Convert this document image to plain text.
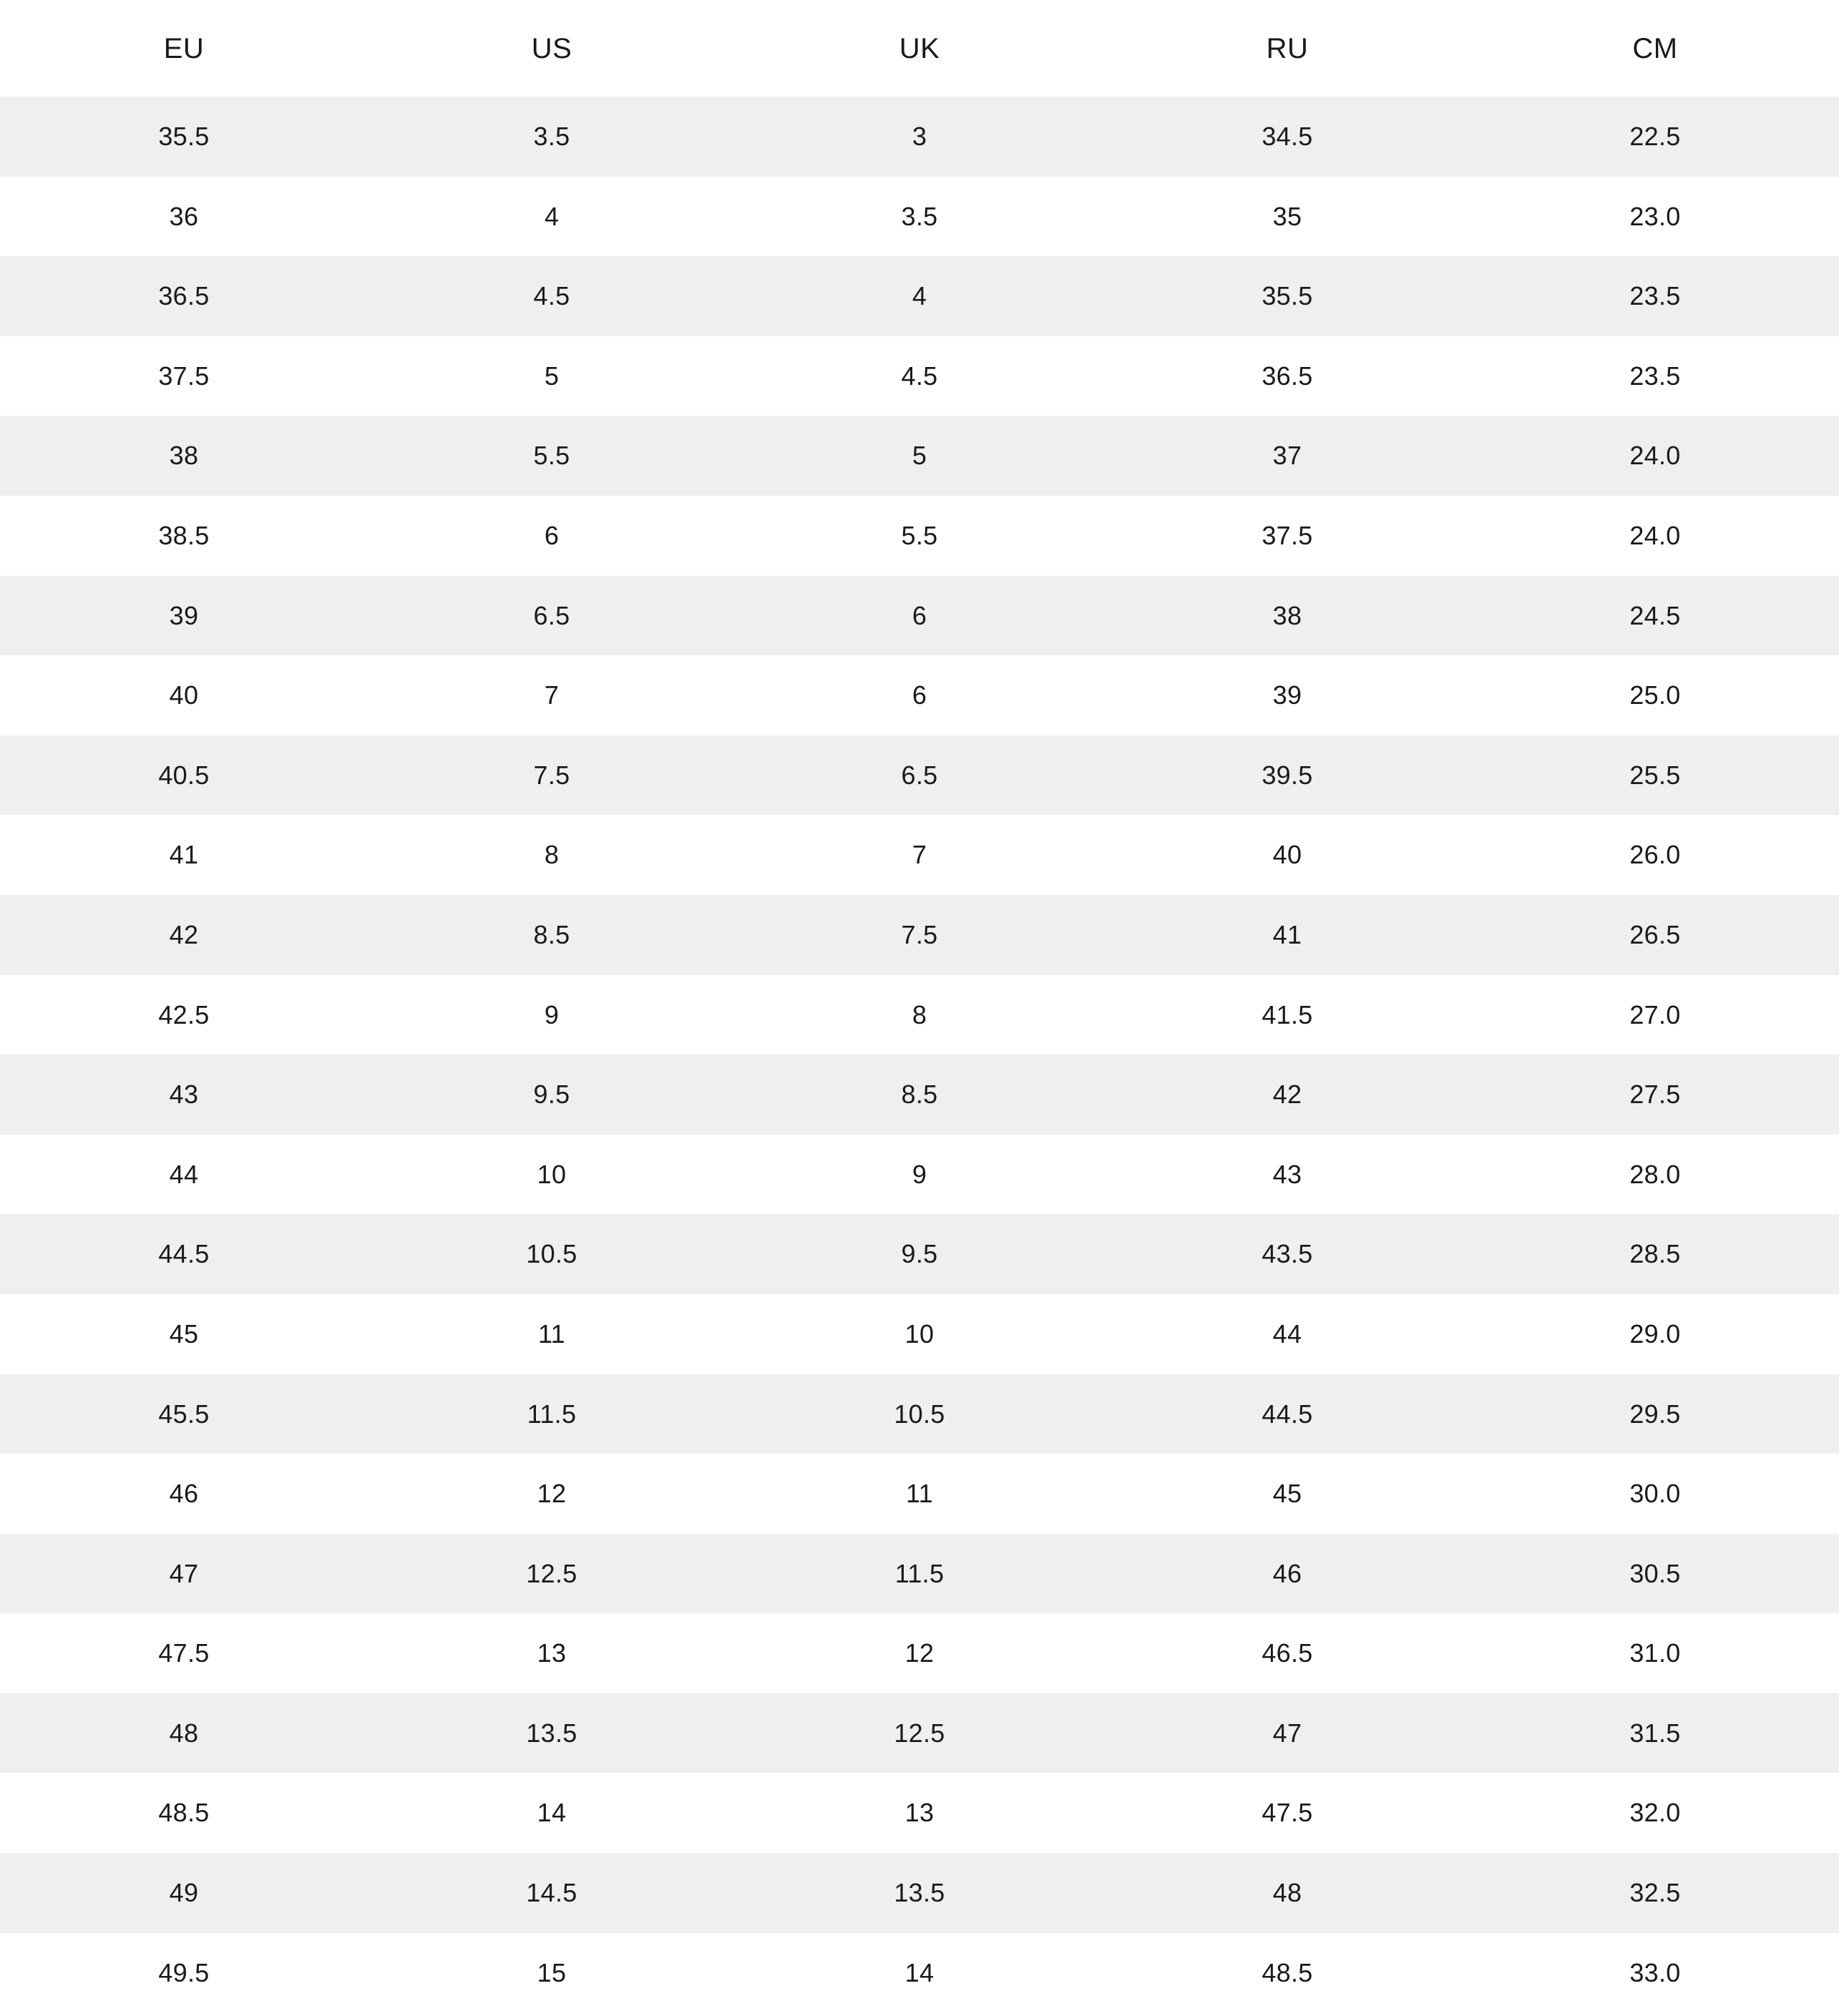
EU	US	UK	RU	CM
35.5	3.5	3	34.5	22.5
36	4	3.5	35	23.0
36.5	4.5	4	35.5	23.5
37.5	5	4.5	36.5	23.5
38	5.5	5	37	24.0
38.5	6	5.5	37.5	24.0
39	6.5	6	38	24.5
40	7	6	39	25.0
40.5	7.5	6.5	39.5	25.5
41	8	7	40	26.0
42	8.5	7.5	41	26.5
42.5	9	8	41.5	27.0
43	9.5	8.5	42	27.5
44	10	9	43	28.0
44.5	10.5	9.5	43.5	28.5
45	11	10	44	29.0
45.5	11.5	10.5	44.5	29.5
46	12	11	45	30.0
47	12.5	11.5	46	30.5
47.5	13	12	46.5	31.0
48	13.5	12.5	47	31.5
48.5	14	13	47.5	32.0
49	14.5	13.5	48	32.5
49.5	15	14	48.5	33.0
